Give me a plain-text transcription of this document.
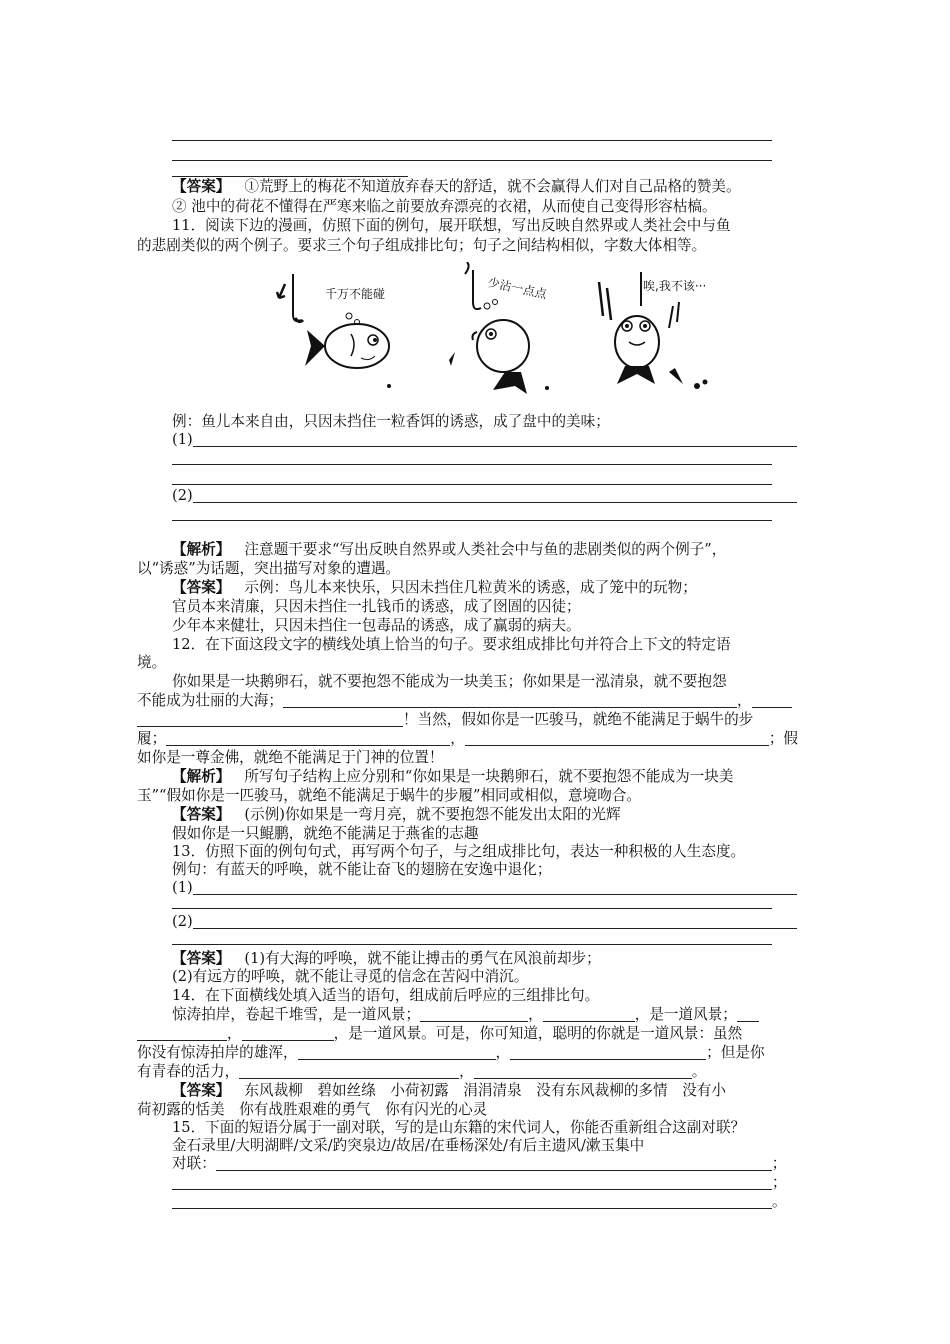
【答案】 ①荒野上的梅花不知道放弃春天的舒适，就不会赢得人们对自己品格的赞美。
② 池中的荷花不懂得在严寒来临之前要放弃漂亮的衣裙，从而使自己变得形容枯槁。
11．阅读下边的漫画，仿照下面的例句，展开联想，写出反映自然界或人类社会中与鱼
的悲剧类似的两个例子。要求三个句子组成排比句；句子之间结构相似，字数大体相等。
千万不能碰	少沾一点点	唉,我不该···
例：鱼儿本来自由，只因未挡住一粒香饵的诱惑，成了盘中的美味；
(1)
(2)
【解析】 注意题干要求“写出反映自然界或人类社会中与鱼的悲剧类似的两个例子”，
以“诱惑”为话题，突出描写对象的遭遇。
【答案】 示例：鸟儿本来快乐，只因未挡住几粒黄米的诱惑，成了笼中的玩物；
官员本来清廉，只因未挡住一扎钱币的诱惑，成了囹圄的囚徒；
少年本来健壮，只因未挡住一包毒品的诱惑，成了赢弱的病夫。
12．在下面这段文字的横线处填上恰当的句子。要求组成排比句并符合上下文的特定语
境。
你如果是一块鹅卵石，就不要抱怨不能成为一块美玉；你如果是一泓清泉，就不要抱怨
不能成为壮丽的大海；	，
！当然，假如你是一匹骏马，就绝不能满足于蜗牛的步
履；	，	；假
如你是一尊金佛，就绝不能满足于门神的位置！
【解析】 所写句子结构上应分别和“你如果是一块鹅卵石，就不要抱怨不能成为一块美
玉”“假如你是一匹骏马，就绝不能满足于蜗牛的步履”相同或相似，意境吻合。
【答案】 (示例)你如果是一弯月亮，就不要抱怨不能发出太阳的光辉
假如你是一只鲲鹏，就绝不能满足于燕雀的志趣
13．仿照下面的例句句式，再写两个句子，与之组成排比句，表达一种积极的人生态度。
例句：有蓝天的呼唤，就不能让奋飞的翅膀在安逸中退化；
(1)
(2)
【答案】 (1)有大海的呼唤，就不能让搏击的勇气在风浪前却步；
(2)有远方的呼唤，就不能让寻觅的信念在苦闷中消沉。
14．在下面横线处填入适当的语句，组成前后呼应的三组排比句。
惊涛拍岸，卷起千堆雪，是一道风景；	，	，是一道风景；
，	，是一道风景。可是，你可知道，聪明的你就是一道风景：虽然
你没有惊涛拍岸的雄浑，	，	；但是你
有青春的活力，	，	。
【答案】 东风裁柳　碧如丝绦　小荷初露　涓涓清泉　没有东风裁柳的多情　没有小
荷初露的恬美　你有战胜艰难的勇气　你有闪光的心灵
15．下面的短语分属于一副对联，写的是山东籍的宋代词人，你能否重新组合这副对联？
金石录里/大明湖畔/文采/趵突泉边/故居/在垂杨深处/有后主遗风/漱玉集中
对联：	；
；
。
